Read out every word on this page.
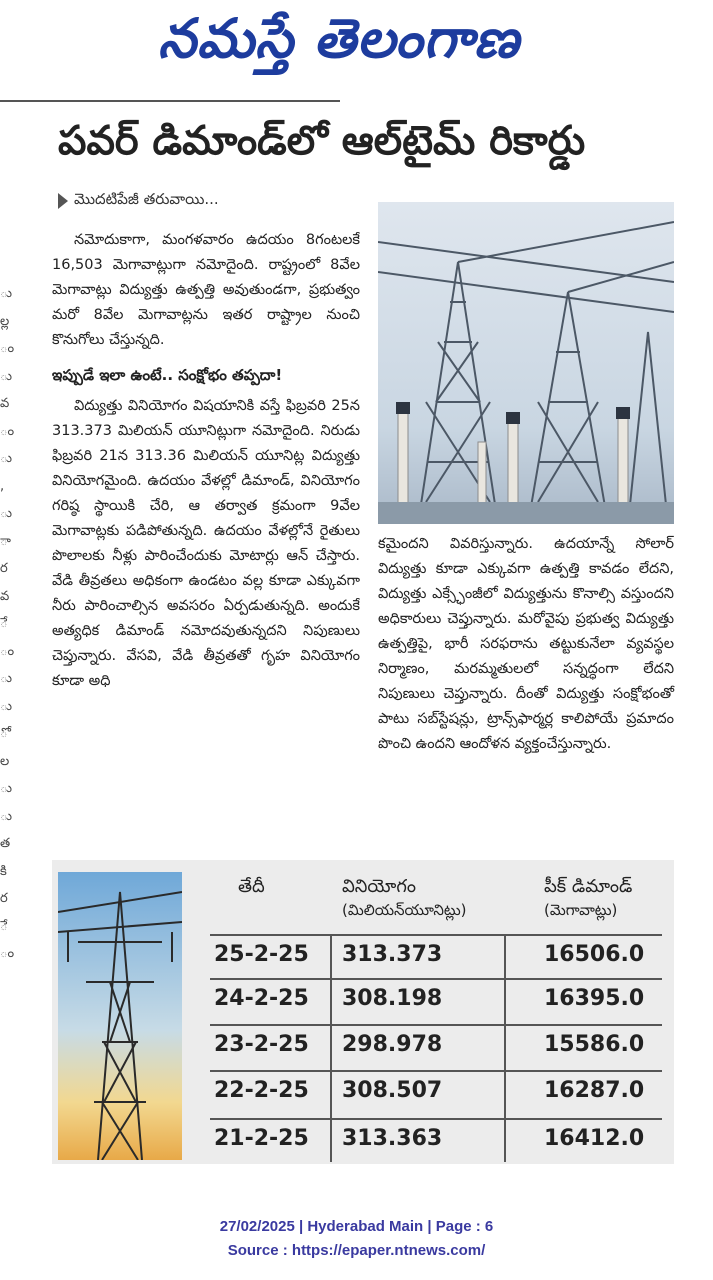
నమస్తే తెలంగాణ
పవర్ డిమాండ్‌లో ఆల్‌టైమ్ రికార్డు
మొదటిపేజీ తరువాయి...
ు
ల్ల
ం
ు
వ
ం
ు
,
ు
ా
ర
వ
ే
ం
ు
ు
ో
ల
ు
ు
త
కి
ర
ే
ం

నమోదుకాగా, మంగళవారం ఉదయం 8గంటలకే 16,503 మెగావాట్లుగా నమోదైంది. రాష్ట్రంలో 8వేల మెగావాట్లు విద్యుత్తు ఉత్పత్తి అవుతుండగా, ప్రభుత్వం మరో 8వేల మెగావాట్లను ఇతర రాష్ట్రాల నుంచి కొనుగోలు చేస్తున్నది.

ఇప్పుడే ఇలా ఉంటే.. సంక్షోభం తప్పదా!

విద్యుత్తు వినియోగం విషయానికి వస్తే ఫిబ్రవరి 25న 313.373 మిలియన్ యూనిట్లుగా నమోదైంది. నిరుడు ఫిబ్రవరి 21న 313.36 మిలియన్ యూనిట్ల విద్యుత్తు వినియోగమైంది. ఉదయం వేళల్లో డిమాండ్, వినియోగం గరిష్ఠ స్థాయికి చేరి, ఆ తర్వాత క్రమంగా 9వేల మెగావాట్లకు పడిపోతున్నది. ఉదయం వేళల్లోనే రైతులు పొలాలకు నీళ్లు పారించేందుకు మోటార్లు ఆన్ చేస్తారు. వేడి తీవ్రతలు అధికంగా ఉండటం వల్ల కూడా ఎక్కువగా నీరు పారించాల్సిన అవసరం ఏర్పడుతున్నది. అందుకే అత్యధిక డిమాండ్ నమోదవుతున్నదని నిపుణులు చెప్తున్నారు. వేసవి, వేడి తీవ్రతతో గృహ వినియోగం కూడా అధి

కమైందని వివరిస్తున్నారు. ఉదయాన్నే సోలార్ విద్యుత్తు కూడా ఎక్కువగా ఉత్పత్తి కావడం లేదని, విద్యుత్తు ఎక్స్ఛేంజీలో విద్యుత్తును కొనాల్సి వస్తుందని అధికారులు చెప్తున్నారు. మరోవైపు ప్రభుత్వ విద్యుత్తు ఉత్పత్తిపై, భారీ సరఫరాను తట్టుకునేలా వ్యవస్థల నిర్మాణం, మరమ్మతులలో సన్నద్ధంగా లేదని నిపుణులు చెప్తున్నారు. దీంతో విద్యుత్తు సంక్షోభంతో పాటు సబ్‌స్టేషన్లు, ట్రాన్స్‌ఫార్మర్ల కాలిపోయే ప్రమాదం పొంచి ఉందని ఆందోళన వ్యక్తంచేస్తున్నారు.

తేదీ	వినియోగం
(మిలియన్‌యూనిట్లు)
పీక్ డిమాండ్
(మెగావాట్లు)
25-2-25 313.373	16506.0
24-2-25 308.198	16395.0
23-2-25 298.978	15586.0
22-2-25 308.507	16287.0
21-2-25 313.363	16412.0
27/02/2025 | Hyderabad Main | Page : 6
Source : https://epaper.ntnews.com/
